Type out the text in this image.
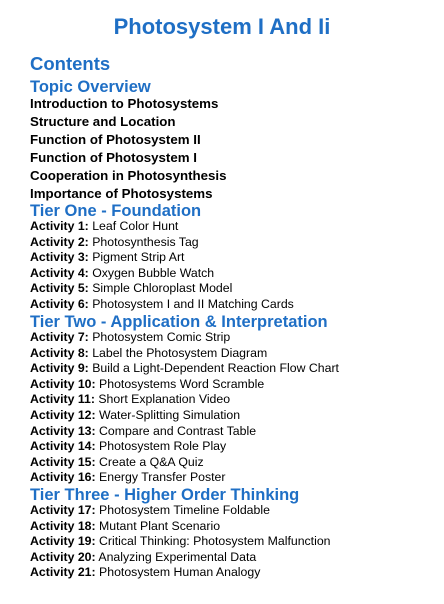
Photosystem I And Ii
Contents
Topic Overview
Introduction to Photosystems
Structure and Location
Function of Photosystem II
Function of Photosystem I
Cooperation in Photosynthesis
Importance of Photosystems
Tier One - Foundation
Activity 1: Leaf Color Hunt
Activity 2: Photosynthesis Tag
Activity 3: Pigment Strip Art
Activity 4: Oxygen Bubble Watch
Activity 5: Simple Chloroplast Model
Activity 6: Photosystem I and II Matching Cards
Tier Two - Application & Interpretation
Activity 7: Photosystem Comic Strip
Activity 8: Label the Photosystem Diagram
Activity 9: Build a Light-Dependent Reaction Flow Chart
Activity 10: Photosystems Word Scramble
Activity 11: Short Explanation Video
Activity 12: Water-Splitting Simulation
Activity 13: Compare and Contrast Table
Activity 14: Photosystem Role Play
Activity 15: Create a Q&A Quiz
Activity 16: Energy Transfer Poster
Tier Three - Higher Order Thinking
Activity 17: Photosystem Timeline Foldable
Activity 18: Mutant Plant Scenario
Activity 19: Critical Thinking: Photosystem Malfunction
Activity 20: Analyzing Experimental Data
Activity 21: Photosystem Human Analogy
